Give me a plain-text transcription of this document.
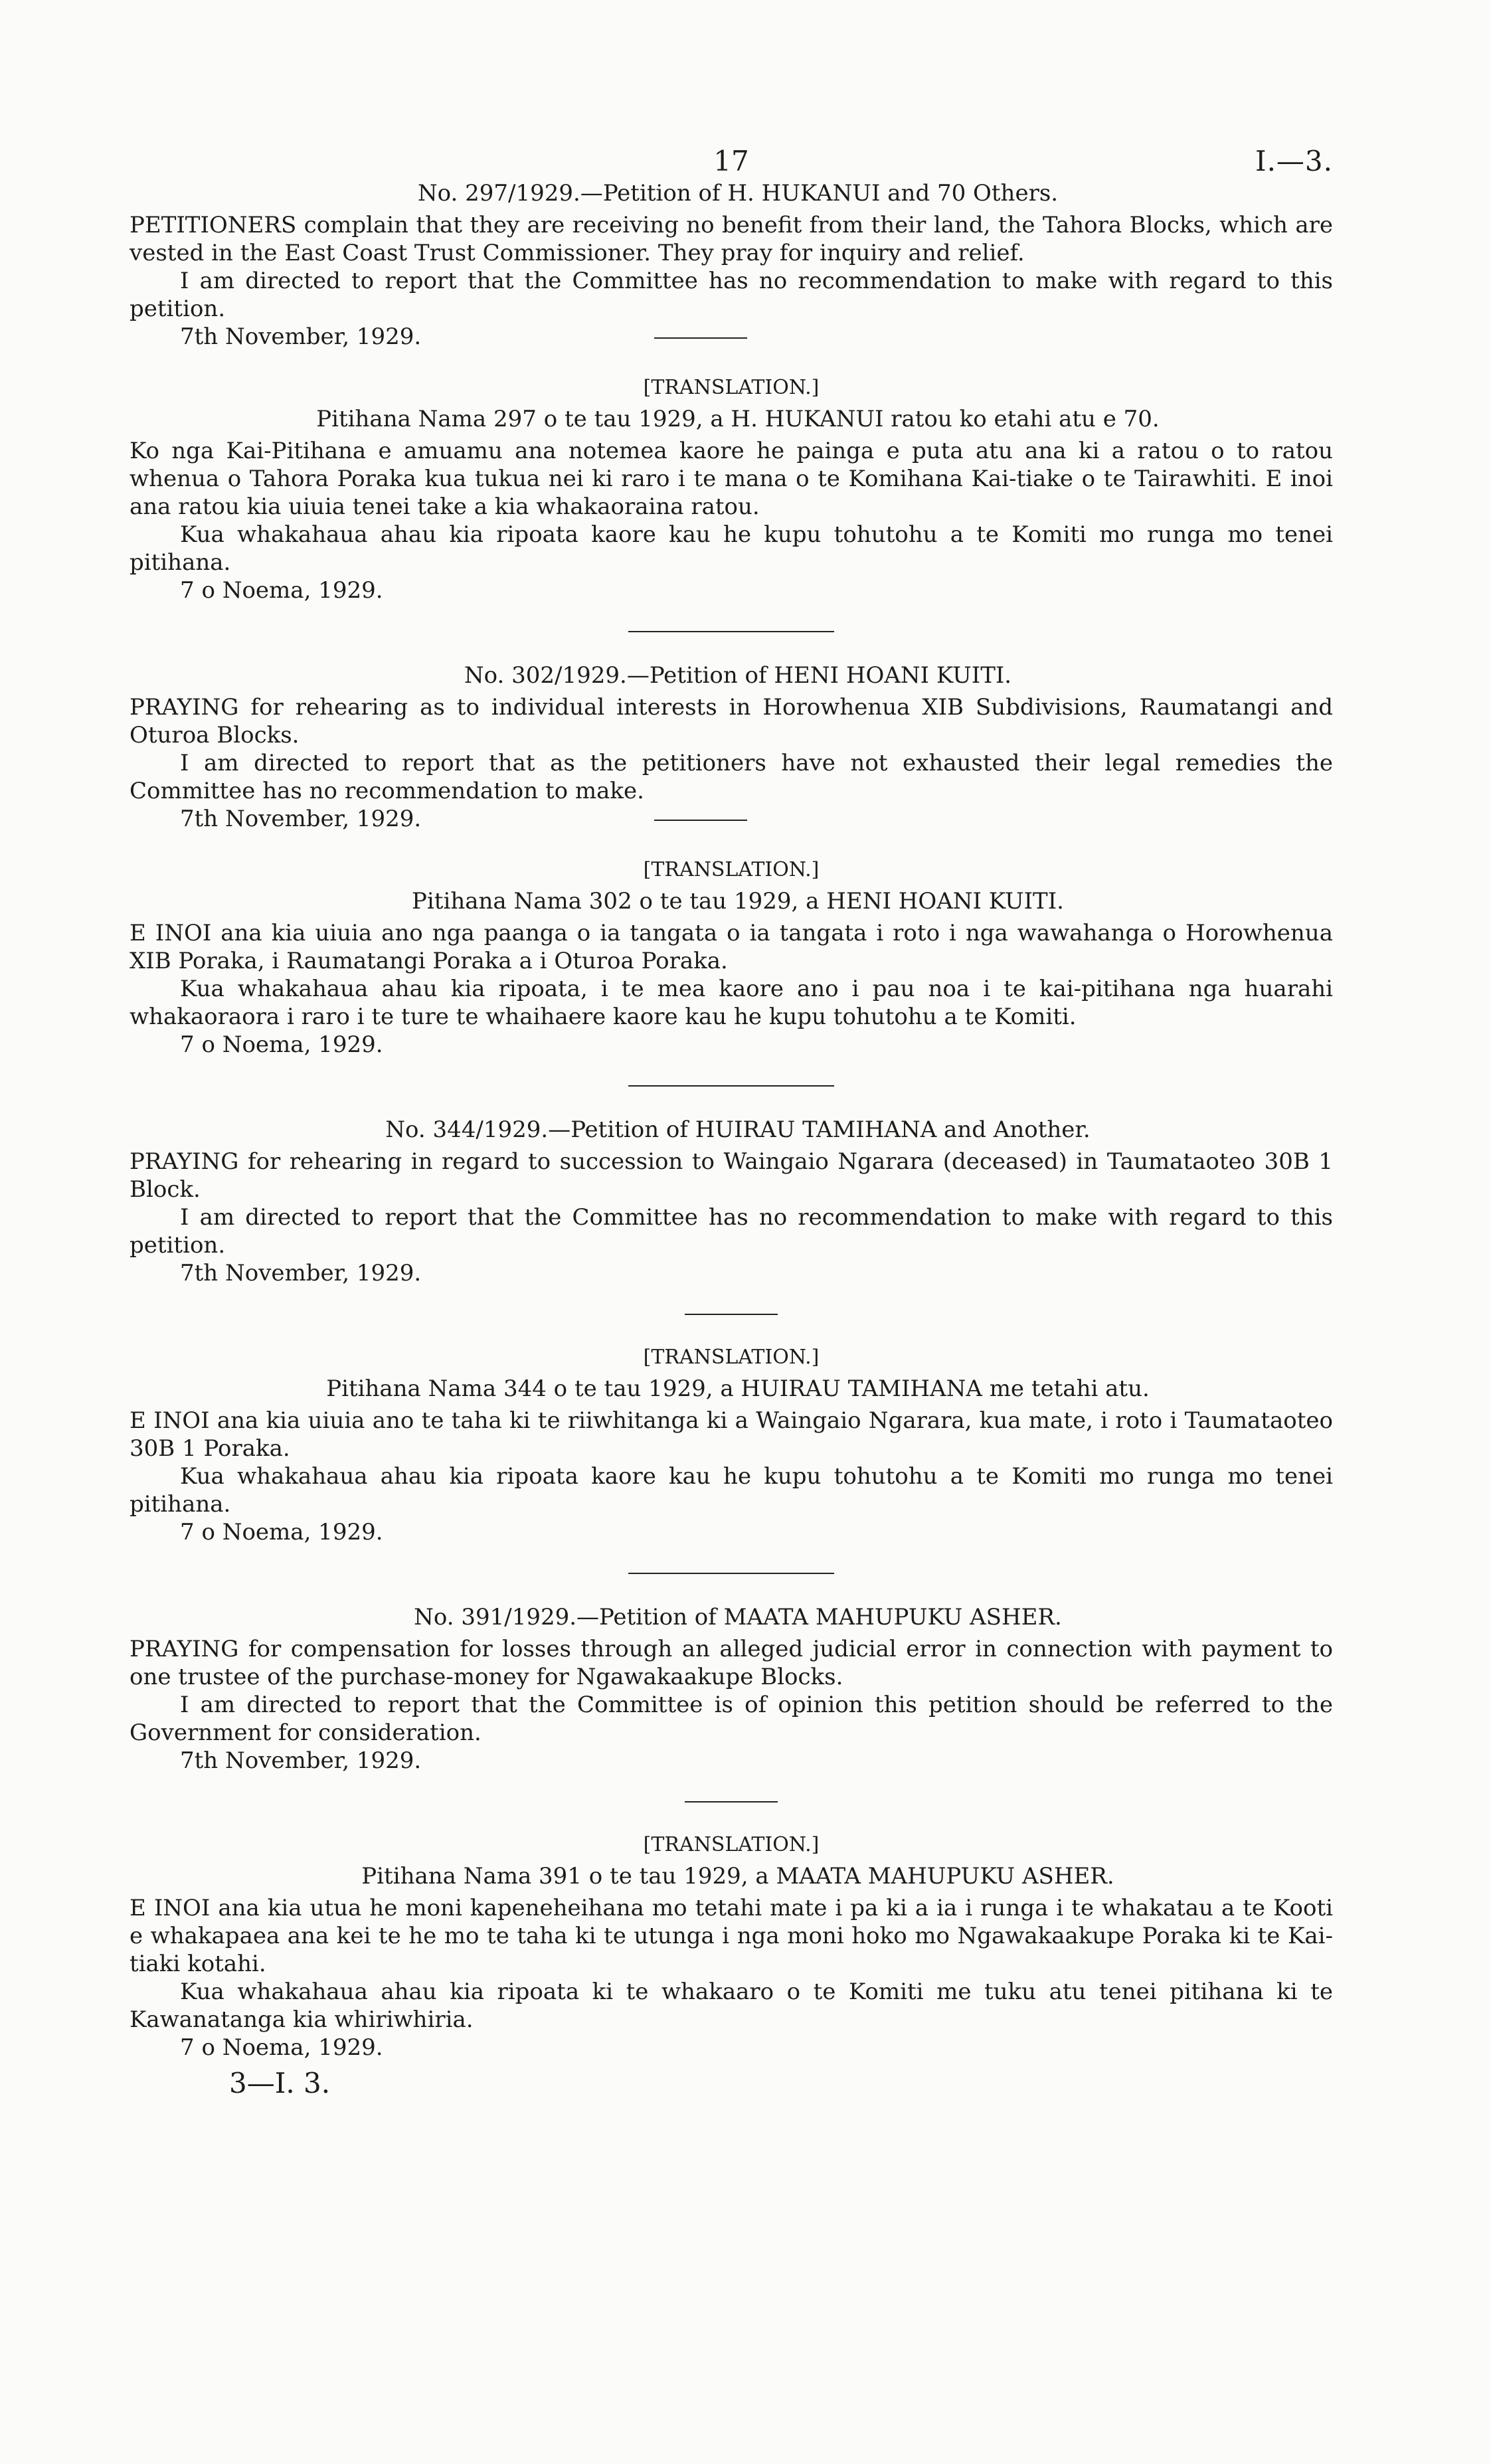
17	I.—3.

No. 297/1929.—Petition of H. HUKANUI and 70 Others.

PETITIONERS complain that they are receiving no benefit from their land, the Tahora Blocks, which are vested in the East Coast Trust Commissioner. They pray for inquiry and relief.

I am directed to report that the Committee has no recommendation to make with regard to this petition.

7th November, 1929.

[TRANSLATION.]

Pitihana Nama 297 o te tau 1929, a H. HUKANUI ratou ko etahi atu e 70.

Ko nga Kai-Pitihana e amuamu ana notemea kaore he painga e puta atu ana ki a ratou o to ratou whenua o Tahora Poraka kua tukua nei ki raro i te mana o te Komihana Kai-tiake o te Tairawhiti. E inoi ana ratou kia uiuia tenei take a kia whakaoraina ratou.

Kua whakahaua ahau kia ripoata kaore kau he kupu tohutohu a te Komiti mo runga mo tenei pitihana.

7 o Noema, 1929.

No. 302/1929.—Petition of HENI HOANI KUITI.

PRAYING for rehearing as to individual interests in Horowhenua XIB Subdivisions, Raumatangi and Oturoa Blocks.

I am directed to report that as the petitioners have not exhausted their legal remedies the Committee has no recommendation to make.

7th November, 1929.

[TRANSLATION.]

Pitihana Nama 302 o te tau 1929, a HENI HOANI KUITI.

E INOI ana kia uiuia ano nga paanga o ia tangata o ia tangata i roto i nga wawahanga o Horowhenua XIB Poraka, i Raumatangi Poraka a i Oturoa Poraka.

Kua whakahaua ahau kia ripoata, i te mea kaore ano i pau noa i te kai-pitihana nga huarahi whakaoraora i raro i te ture te whaihaere kaore kau he kupu tohutohu a te Komiti.

7 o Noema, 1929.

No. 344/1929.—Petition of HUIRAU TAMIHANA and Another.

PRAYING for rehearing in regard to succession to Waingaio Ngarara (deceased) in Taumataoteo 30B 1 Block.

I am directed to report that the Committee has no recommendation to make with regard to this petition.

7th November, 1929.

[TRANSLATION.]

Pitihana Nama 344 o te tau 1929, a HUIRAU TAMIHANA me tetahi atu.

E INOI ana kia uiuia ano te taha ki te riiwhitanga ki a Waingaio Ngarara, kua mate, i roto i Taumataoteo 30B 1 Poraka.

Kua whakahaua ahau kia ripoata kaore kau he kupu tohutohu a te Komiti mo runga mo tenei pitihana.

7 o Noema, 1929.

No. 391/1929.—Petition of MAATA MAHUPUKU ASHER.

PRAYING for compensation for losses through an alleged judicial error in connection with payment to one trustee of the purchase-money for Ngawakaakupe Blocks.

I am directed to report that the Committee is of opinion this petition should be referred to the Government for consideration.

7th November, 1929.

[TRANSLATION.]

Pitihana Nama 391 o te tau 1929, a MAATA MAHUPUKU ASHER.

E INOI ana kia utua he moni kapeneheihana mo tetahi mate i pa ki a ia i runga i te whakatau a te Kooti e whakapaea ana kei te he mo te taha ki te utunga i nga moni hoko mo Ngawakaakupe Poraka ki te Kai-tiaki kotahi.

Kua whakahaua ahau kia ripoata ki te whakaaro o te Komiti me tuku atu tenei pitihana ki te Kawanatanga kia whiriwhiria.

7 o Noema, 1929.

3—I. 3.
